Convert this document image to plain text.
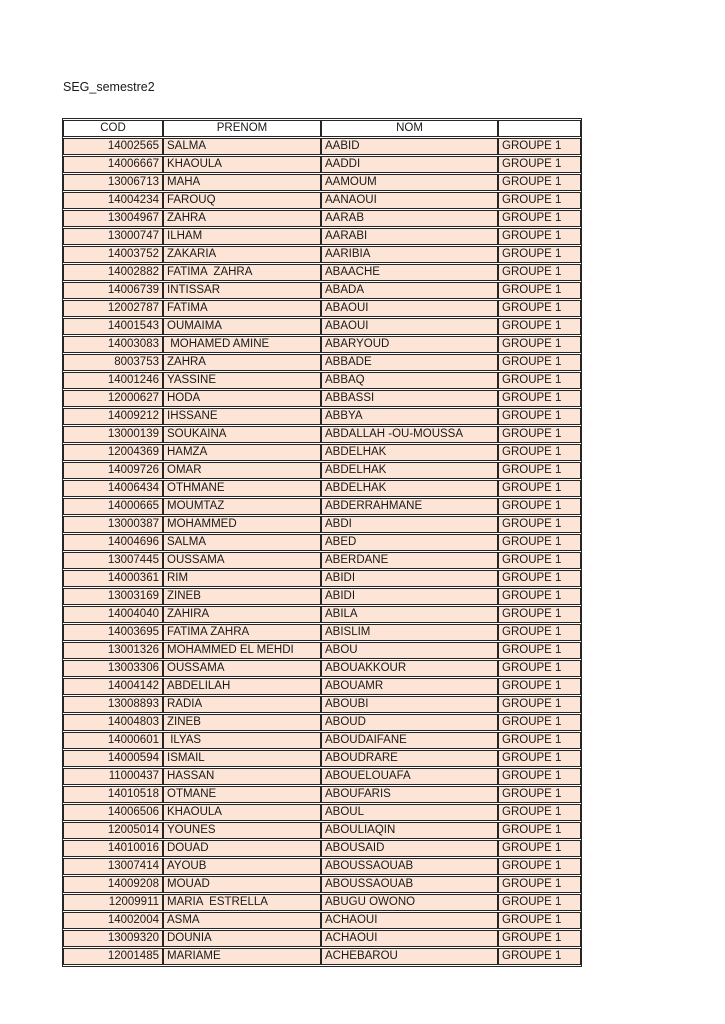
SEG_semestre2
COD	PRENOM	NOM	
14002565	SALMA	AABID	GROUPE 1
14006667	KHAOULA	AADDI	GROUPE 1
13006713	MAHA	AAMOUM	GROUPE 1
14004234	FAROUQ	AANAOUI	GROUPE 1
13004967	ZAHRA	AARAB	GROUPE 1
13000747	ILHAM	AARABI	GROUPE 1
14003752	ZAKARIA	AARIBIA	GROUPE 1
14002882	FATIMA  ZAHRA	ABAACHE	GROUPE 1
14006739	INTISSAR	ABADA	GROUPE 1
12002787	FATIMA	ABAOUI	GROUPE 1
14001543	OUMAIMA	ABAOUI	GROUPE 1
14003083	MOHAMED AMINE	ABARYOUD	GROUPE 1
8003753	ZAHRA	ABBADE	GROUPE 1
14001246	YASSINE	ABBAQ	GROUPE 1
12000627	HODA	ABBASSI	GROUPE 1
14009212	IHSSANE	ABBYA	GROUPE 1
13000139	SOUKAINA	ABDALLAH -OU-MOUSSA	GROUPE 1
12004369	HAMZA	ABDELHAK	GROUPE 1
14009726	OMAR	ABDELHAK	GROUPE 1
14006434	OTHMANE	ABDELHAK	GROUPE 1
14000665	MOUMTAZ	ABDERRAHMANE	GROUPE 1
13000387	MOHAMMED	ABDI	GROUPE 1
14004696	SALMA	ABED	GROUPE 1
13007445	OUSSAMA	ABERDANE	GROUPE 1
14000361	RIM	ABIDI	GROUPE 1
13003169	ZINEB	ABIDI	GROUPE 1
14004040	ZAHIRA	ABILA	GROUPE 1
14003695	FATIMA ZAHRA	ABISLIM	GROUPE 1
13001326	MOHAMMED EL MEHDI	ABOU	GROUPE 1
13003306	OUSSAMA	ABOUAKKOUR	GROUPE 1
14004142	ABDELILAH	ABOUAMR	GROUPE 1
13008893	RADIA	ABOUBI	GROUPE 1
14004803	ZINEB	ABOUD	GROUPE 1
14000601	ILYAS	ABOUDAIFANE	GROUPE 1
14000594	ISMAIL	ABOUDRARE	GROUPE 1
11000437	HASSAN	ABOUELOUAFA	GROUPE 1
14010518	OTMANE	ABOUFARIS	GROUPE 1
14006506	KHAOULA	ABOUL	GROUPE 1
12005014	YOUNES	ABOULIAQIN	GROUPE 1
14010016	DOUAD	ABOUSAID	GROUPE 1
13007414	AYOUB	ABOUSSAOUAB	GROUPE 1
14009208	MOUAD	ABOUSSAOUAB	GROUPE 1
12009911	MARIA  ESTRELLA	ABUGU OWONO	GROUPE 1
14002004	ASMA	ACHAOUI	GROUPE 1
13009320	DOUNIA	ACHAOUI	GROUPE 1
12001485	MARIAME	ACHEBAROU	GROUPE 1
